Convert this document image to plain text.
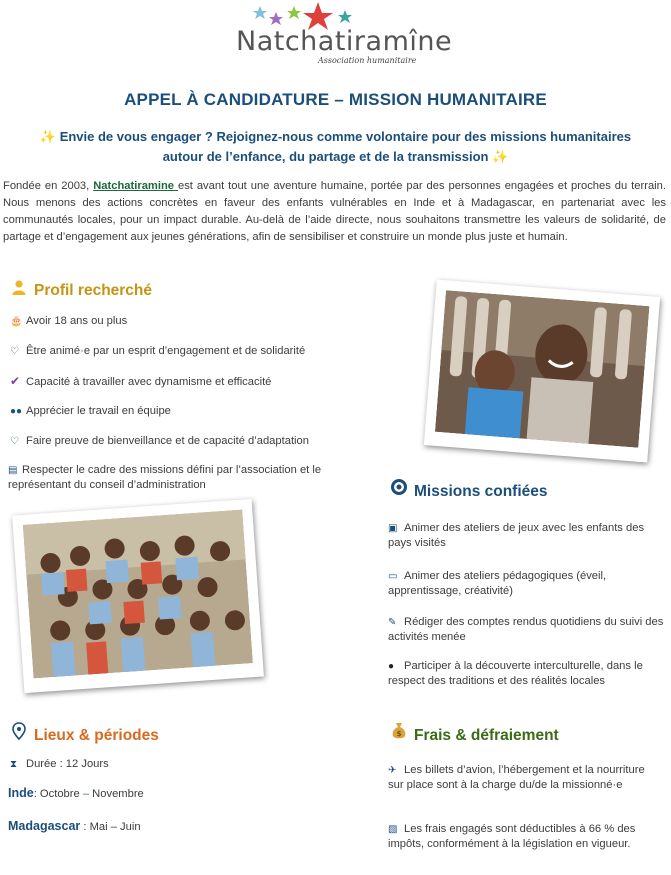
Natchatiramîne
Association humanitaire
APPEL À CANDIDATURE – MISSION HUMANITAIRE
✨ Envie de vous engager ? Rejoignez-nous comme volontaire pour des missions humanitaires
autour de l’enfance, du partage et de la transmission ✨
Fondée en 2003, Natchatiramine est avant tout une aventure humaine, portée par des personnes engagées et proches du terrain. Nous menons des actions concrètes en faveur des enfants vulnérables en Inde et à Madagascar, en partenariat avec les communautés locales, pour un impact durable. Au-delà de l’aide directe, nous souhaitons transmettre les valeurs de solidarité, de partage et d’engagement aux jeunes générations, afin de sensibiliser et construire un monde plus juste et humain.
Profil recherché
🎂 Avoir 18 ans ou plus
♡ Être animé·e par un esprit d’engagement et de solidarité
✔ Capacité à travailler avec dynamisme et efficacité
●● Apprécier le travail en équipe
♡ Faire preuve de bienveillance et de capacité d’adaptation
▤ Respecter le cadre des missions défini par l’association et le représentant du conseil d’administration	Missions confiées
▣ Animer des ateliers de jeux avec les enfants des pays visités
▭ Animer des ateliers pédagogiques (éveil, apprentissage, créativité)
✎ Rédiger des comptes rendus quotidiens du suivi des activités menée
● Participer à la découverte interculturelle, dans le respect des traditions et des réalités locales
Lieux & périodes
⧗ Durée : 12 Jours
Inde: Octobre – Novembre
Madagascar : Mai – Juin
$ Frais & défraiement
✈ Les billets d’avion, l’hébergement et la nourriture sur place sont à la charge du/de la missionné·e
▧ Les frais engagés sont déductibles à 66 % des impôts, conformément à la législation en vigueur.
